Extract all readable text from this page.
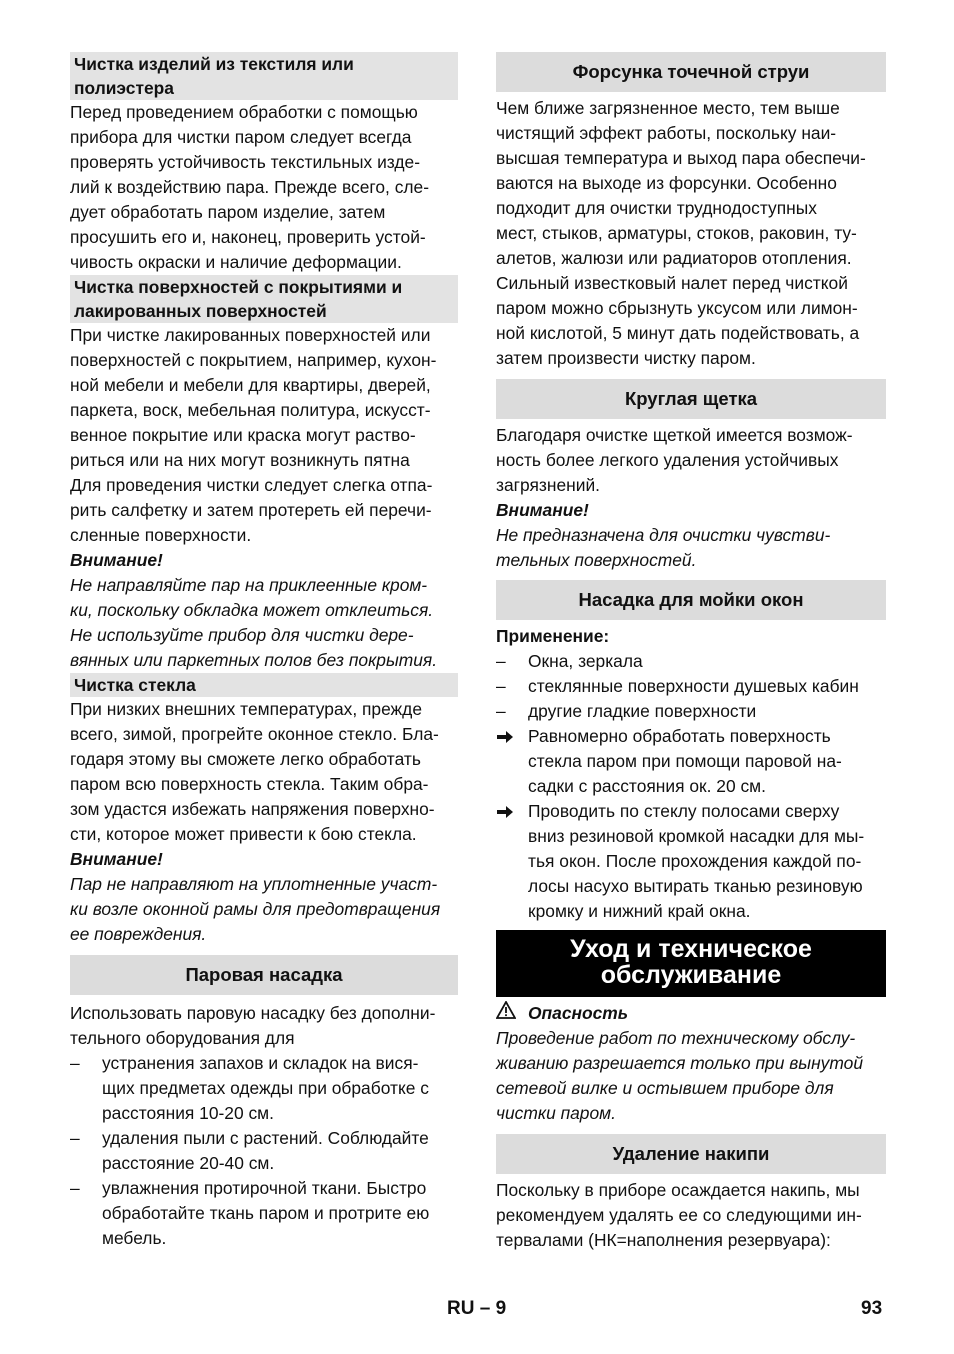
Чистка изделий из текстиля или
полиэстера
Перед проведением обработки с помощью
прибора для чистки паром следует всегда
проверять устойчивость текстильных изде-
лий к воздействию пара. Прежде всего, сле-
дует обработать паром изделие, затем
просушить его и, наконец, проверить устой-
чивость окраски и наличие деформации.
Чистка поверхностей с покрытиями и
лакированных поверхностей
При чистке лакированных поверхностей или
поверхностей с покрытием, например, кухон-
ной мебели и мебели для квартиры, дверей,
паркета, воск, мебельная политура, искусст-
венное покрытие или краска могут раство-
риться или на них могут возникнуть пятна
Для проведения чистки следует слегка отпа-
рить салфетку и затем протереть ей перечи-
сленные поверхности.
Внимание!
Не направляйте пар на приклеенные кром-
ки, поскольку обкладка может отклеиться.
Не используйте прибор для чистки дере-
вянных или паркетных полов без покрытия.
Чистка стекла
При низких внешних температурах, прежде
всего, зимой, прогрейте оконное стекло. Бла-
годаря этому вы сможете легко обработать
паром всю поверхность стекла. Таким обра-
зом удастся избежать напряжения поверхно-
сти, которое может привести к бою стекла.
Внимание!
Пар не направляют на уплотненные участ-
ки возле оконной рамы для предотвращения
ее повреждения.
Паровая насадка
Использовать паровую насадку без дополни-
тельного оборудования для
–	устранения запахов и складок на вися-
щих предметах одежды при обработке с
расстояния 10-20 см.
–	удаления пыли с растений. Соблюдайте
расстояние 20-40 см.
–	увлажнения протирочной ткани. Быстро
обработайте ткань паром и протрите ею
мебель.
Форсунка точечной струи
Чем ближе загрязненное место, тем выше
чистящий эффект работы, поскольку наи-
высшая температура и выход пара обеспечи-
ваются на выходе из форсунки. Особенно
подходит для очистки труднодоступных
мест, стыков, арматуры, стоков, раковин, ту-
алетов, жалюзи или радиаторов отопления.
Сильный известковый налет перед чисткой
паром можно сбрызнуть уксусом или лимон-
ной кислотой, 5 минут дать подействовать, а
затем произвести чистку паром.
Круглая щетка
Благодаря очистке щеткой имеется возмож-
ность более легкого удаления устойчивых
загрязнений.
Внимание!
Не предназначена для очистки чувстви-
тельных поверхностей.
Насадка для мойки окон
Применение:
–	Окна, зеркала
–	стеклянные поверхности душевых кабин
–	другие гладкие поверхности
Равномерно обработать поверхность
стекла паром при помощи паровой на-
садки с расстояния ок. 20 см.
Проводить по стеклу полосами сверху
вниз резиновой кромкой насадки для мы-
тья окон. После прохождения каждой по-
лосы насухо вытирать тканью резиновую
кромку и нижний край окна.
Уход и техническое
обслуживание
Опасность
Проведение работ по техническому обслу-
живанию разрешается только при вынутой
сетевой вилке и остывшем приборе для
чистки паром.
Удаление накипи
Поскольку в приборе осаждается накипь, мы
рекомендуем удалять ее со следующими ин-
тервалами (НК=наполнения резервуара):
RU – 9	93
